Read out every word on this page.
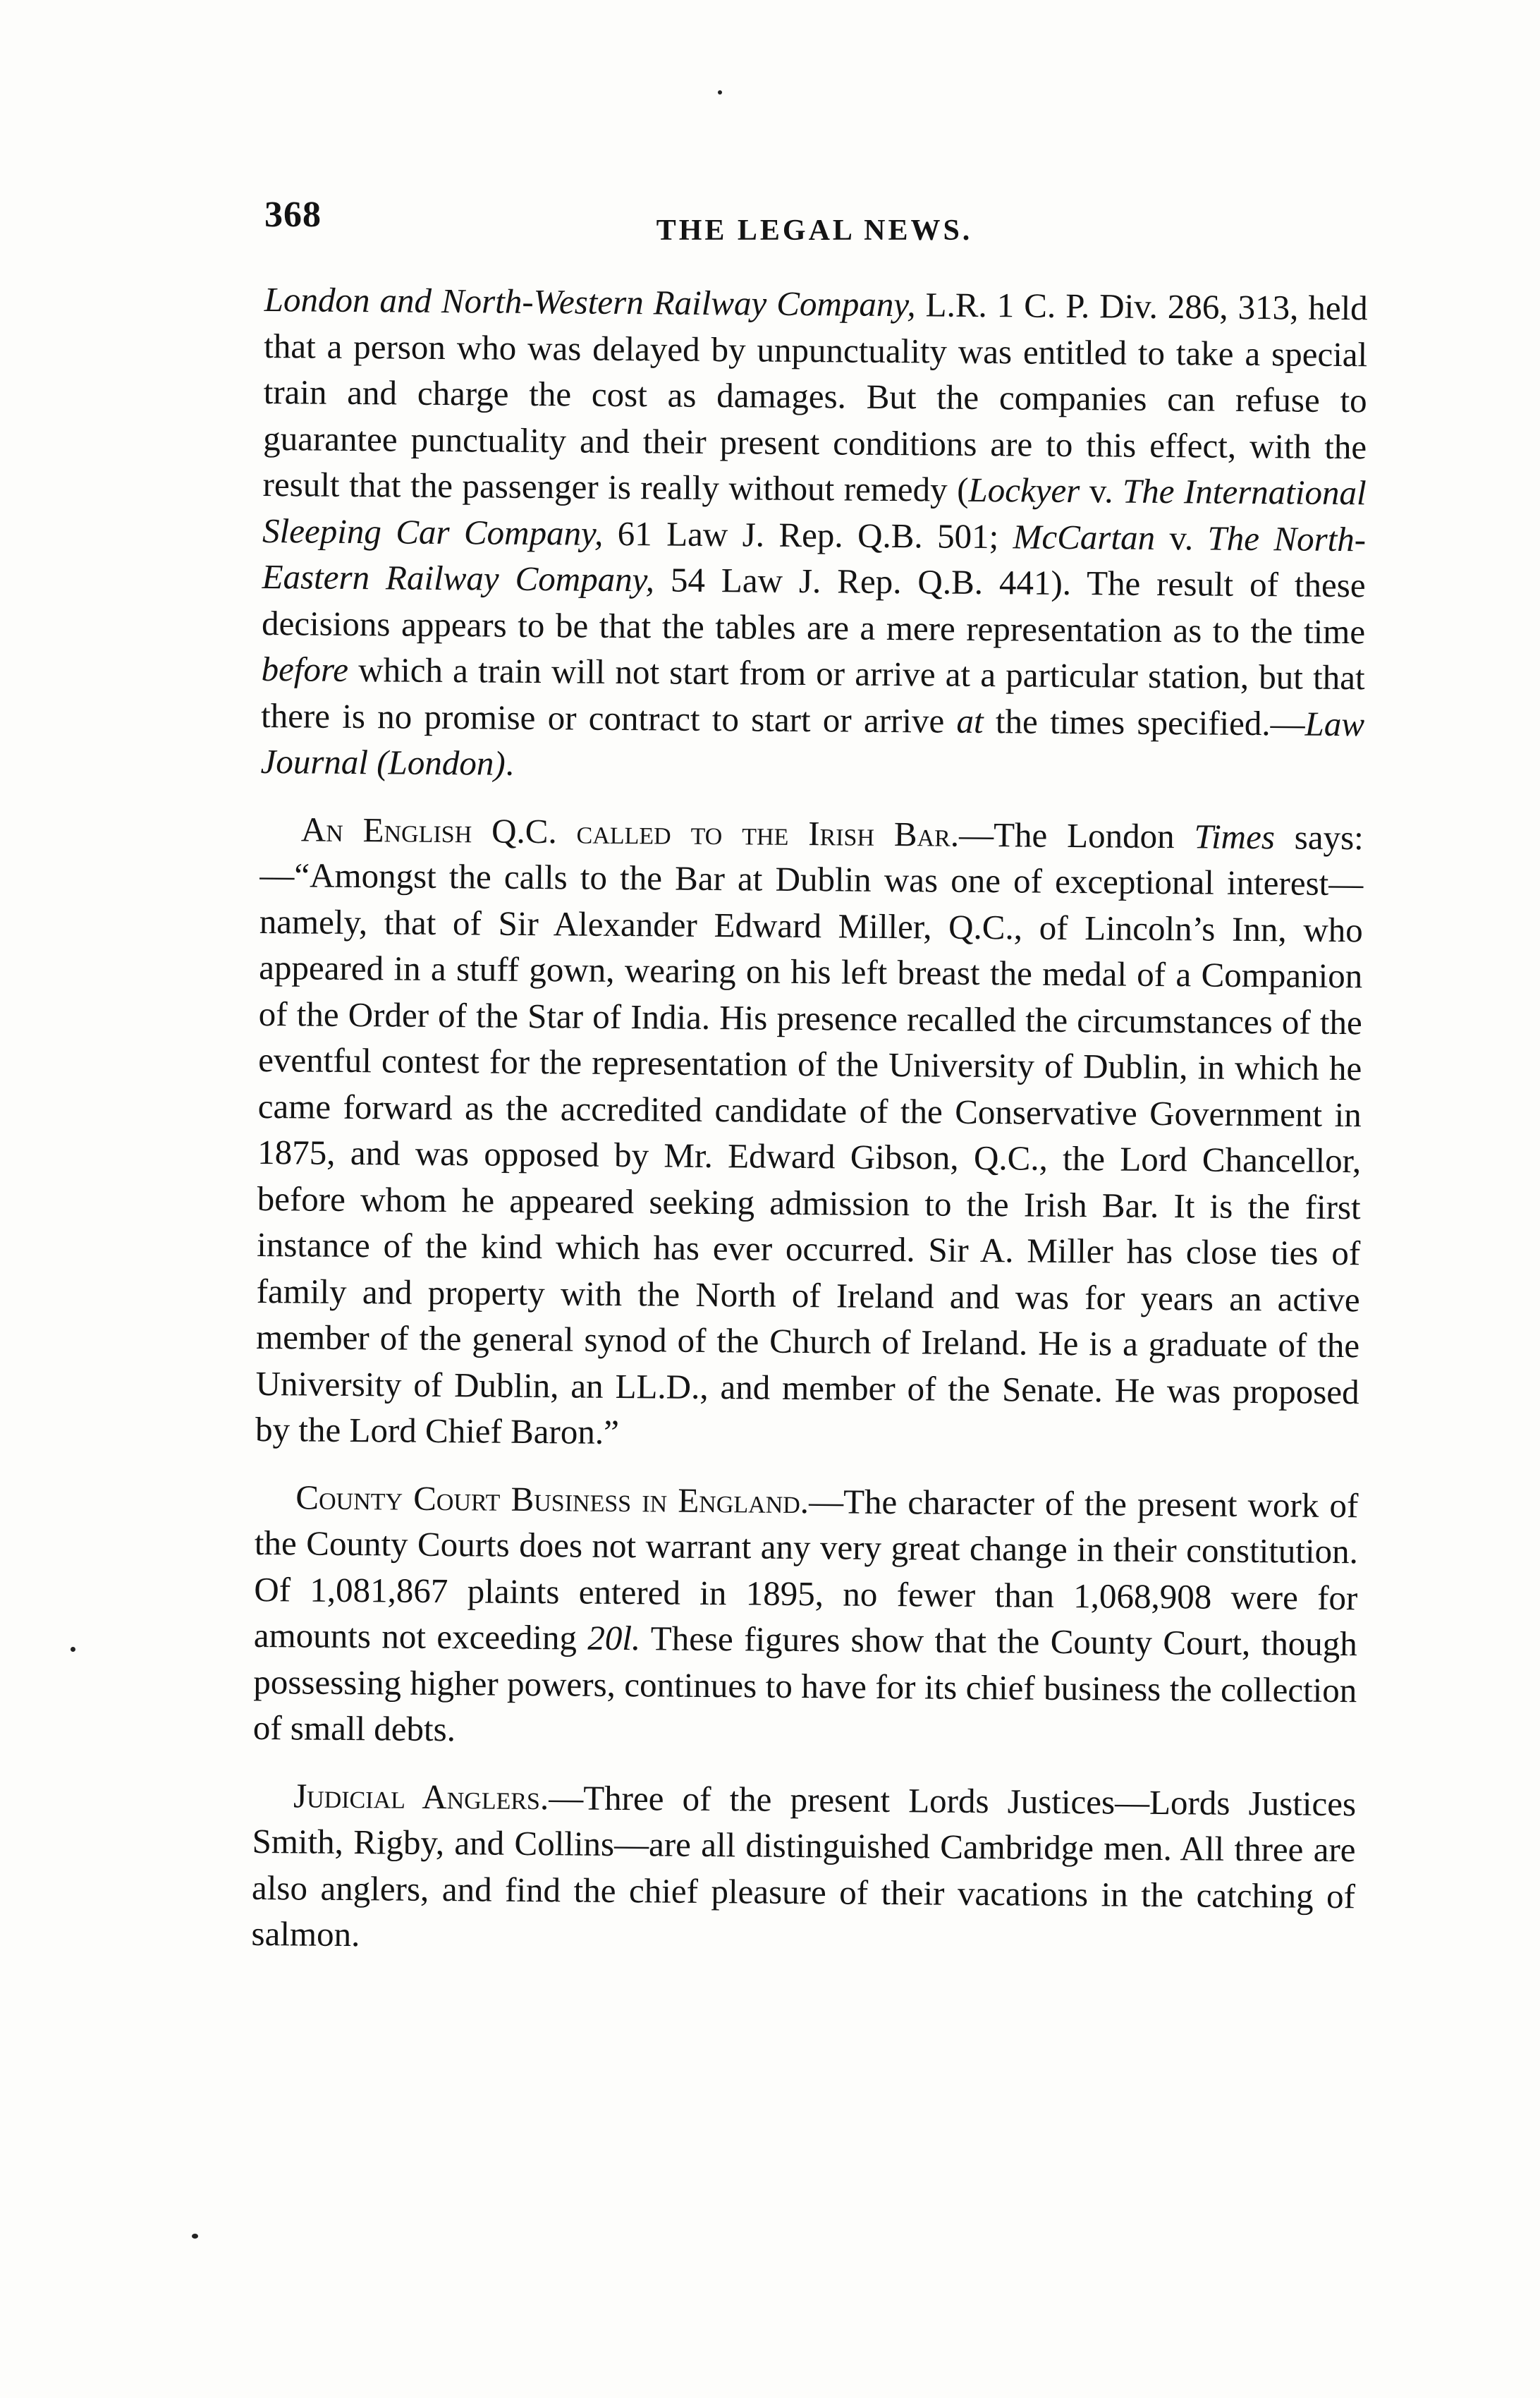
368	THE LEGAL NEWS.

London and North-Western Railway Company, L.R. 1 C. P. Div. 286, 313, held that a person who was delayed by unpunctuality was entitled to take a special train and charge the cost as damages. But the companies can refuse to guarantee punctuality and their present conditions are to this effect, with the result that the passenger is really without remedy (Lockyer v. The International Sleeping Car Company, 61 Law J. Rep. Q.B. 501; McCartan v. The North-Eastern Railway Company, 54 Law J. Rep. Q.B. 441). The result of these decisions appears to be that the tables are a mere representation as to the time before which a train will not start from or arrive at a particular station, but that there is no promise or contract to start or arrive at the times specified.—Law Journal (London).

An English Q.C. called to the Irish Bar.—The London Times says:—“Amongst the calls to the Bar at Dublin was one of exceptional interest—namely, that of Sir Alexander Edward Miller, Q.C., of Lincoln’s Inn, who appeared in a stuff gown, wearing on his left breast the medal of a Companion of the Order of the Star of India. His presence recalled the circumstances of the eventful contest for the representation of the University of Dublin, in which he came forward as the accredited candidate of the Conservative Government in 1875, and was opposed by Mr. Edward Gibson, Q.C., the Lord Chancellor, before whom he appeared seeking admission to the Irish Bar. It is the first instance of the kind which has ever occurred. Sir A. Miller has close ties of family and property with the North of Ireland and was for years an active member of the general synod of the Church of Ireland. He is a graduate of the University of Dublin, an LL.D., and member of the Senate. He was proposed by the Lord Chief Baron.”

County Court Business in England.—The character of the present work of the County Courts does not warrant any very great change in their constitution. Of 1,081,867 plaints entered in 1895, no fewer than 1,068,908 were for amounts not exceeding 20l. These figures show that the County Court, though possessing higher powers, continues to have for its chief business the collection of small debts.

Judicial Anglers.—Three of the present Lords Justices—Lords Justices Smith, Rigby, and Collins—are all distinguished Cambridge men. All three are also anglers, and find the chief pleasure of their vacations in the catching of salmon.
